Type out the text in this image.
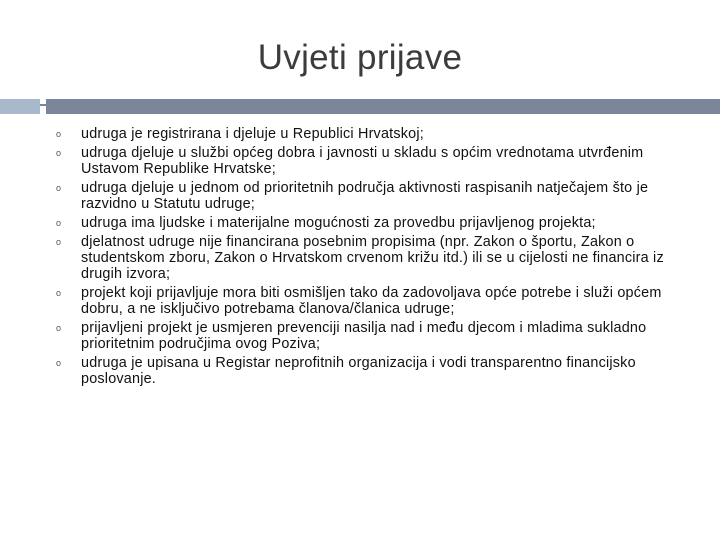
Uvjeti prijave
o udruga je registrirana i djeluje u Republici Hrvatskoj;
o udruga djeluje u službi općeg dobra i javnosti u skladu s općim vrednotama utvrđenim Ustavom Republike Hrvatske;
o udruga djeluje u jednom od prioritetnih područja aktivnosti raspisanih natječajem što je razvidno u Statutu udruge;
o udruga ima ljudske i materijalne mogućnosti za provedbu prijavljenog projekta;
o djelatnost udruge nije financirana posebnim propisima (npr. Zakon o športu, Zakon o studentskom zboru, Zakon o Hrvatskom crvenom križu itd.) ili se u cijelosti ne financira iz drugih izvora;
o projekt koji prijavljuje mora biti osmišljen tako da zadovoljava opće potrebe i služi općem dobru, a ne isključivo potrebama članova/članica udruge;
o prijavljeni projekt je usmjeren prevenciji nasilja nad i među djecom i mladima sukladno prioritetnim područjima ovog Poziva;
o udruga je upisana u Registar neprofitnih organizacija i vodi transparentno financijsko poslovanje.
